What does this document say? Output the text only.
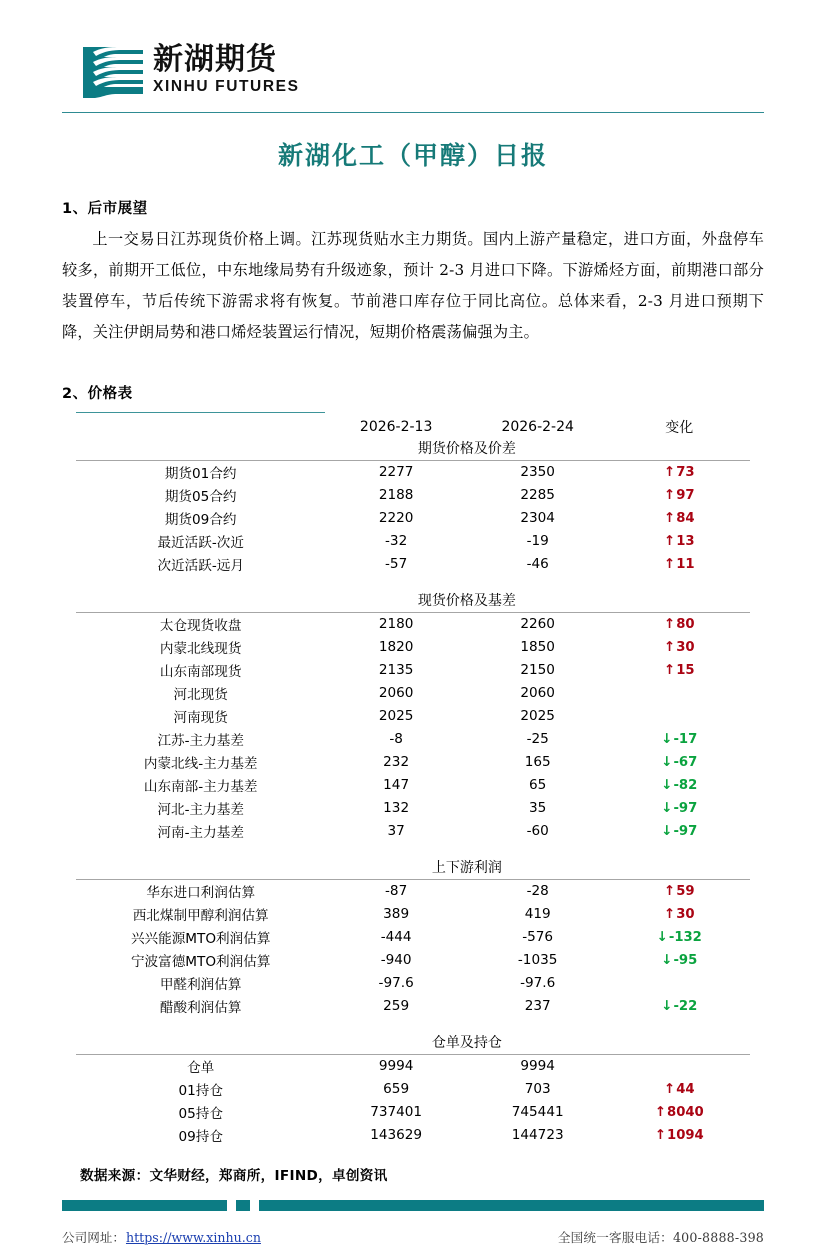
新湖期货
XINHU FUTURES
新湖化工（甲醇）日报
1、后市展望

上一交易日江苏现货价格上调。江苏现货贴水主力期货。国内上游产量稳定，进口方面，外盘停车较多，前期开工低位，中东地缘局势有升级迹象，预计 2-3 月进口下降。下游烯烃方面，前期港口部分装置停车，节后传统下游需求将有恢复。节前港口库存位于同比高位。总体来看，2-3 月进口预期下降，关注伊朗局势和港口烯烃装置运行情况，短期价格震荡偏强为主。

2、价格表
	2026-2-13	2026-2-24	变化
	期货价格及价差		
期货01合约	2277	2350	↑73
期货05合约	2188	2285	↑97
期货09合约	2220	2304	↑84
最近活跃-次近	-32	-19	↑13
次近活跃-远月	-57	-46	↑11
	现货价格及基差		
太仓现货收盘	2180	2260	↑80
内蒙北线现货	1820	1850	↑30
山东南部现货	2135	2150	↑15
河北现货	2060	2060	
河南现货	2025	2025	
江苏-主力基差	-8	-25	↓-17
内蒙北线-主力基差	232	165	↓-67
山东南部-主力基差	147	65	↓-82
河北-主力基差	132	35	↓-97
河南-主力基差	37	-60	↓-97
	上下游利润		
华东进口利润估算	-87	-28	↑59
西北煤制甲醇利润估算	389	419	↑30
兴兴能源MTO利润估算	-444	-576	↓-132
宁波富德MTO利润估算	-940	-1035	↓-95
甲醛利润估算	-97.6	-97.6	
醋酸利润估算	259	237	↓-22
	仓单及持仓		
仓单	9994	9994	
01持仓	659	703	↑44
05持仓	737401	745441	↑8040
09持仓	143629	144723	↑1094
数据来源：文华财经，郑商所，IFIND，卓创资讯
公司网址： https://www.xinhu.cn	全国统一客服电话：400-8888-398
